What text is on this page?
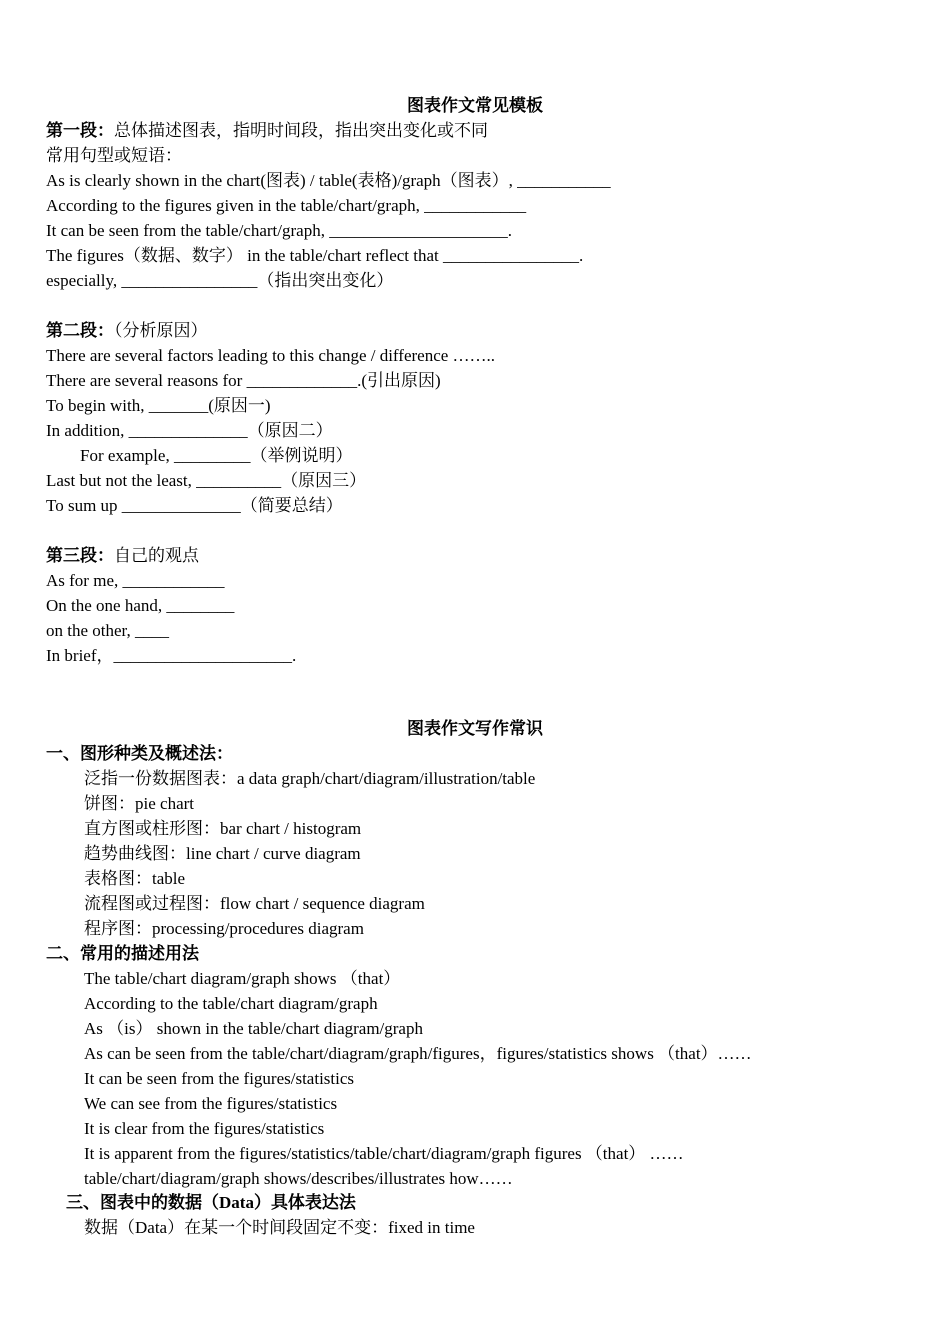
图表作文常见模板
第一段：总体描述图表，指明时间段，指出突出变化或不同
常用句型或短语：
As is clearly shown in the chart(图表) / table(表格)/graph（图表）, ___________
According to the figures given in the table/chart/graph, ____________
It can be seen from the table/chart/graph, _____________________.
The figures（数据、数字） in the table/chart reflect that ________________.
especially, ________________（指出突出变化）
第二段：（分析原因）
There are several factors leading to this change / difference ……..
There are several reasons for _____________.(引出原因)
To begin with, _______(原因一)
In addition, ______________（原因二）
For example, _________（举例说明）
Last but not the least, __________（原因三）
To sum up ______________（简要总结）
第三段：自己的观点
As for me, ____________
On the one hand, ________
on the other, ____
In brief，_____________________.
图表作文写作常识
一、图形种类及概述法：
泛指一份数据图表：a data graph/chart/diagram/illustration/table
饼图：pie chart
直方图或柱形图：bar chart / histogram
趋势曲线图：line chart / curve diagram
表格图：table
流程图或过程图：flow chart / sequence diagram
程序图：processing/procedures diagram
二、常用的描述用法
The table/chart diagram/graph shows （that）
According to the table/chart diagram/graph
As （is） shown in the table/chart diagram/graph
As can be seen from the table/chart/diagram/graph/figures，figures/statistics shows （that）……
It can be seen from the figures/statistics
We can see from the figures/statistics
It is clear from the figures/statistics
It is apparent from the figures/statistics/table/chart/diagram/graph figures （that） ……
table/chart/diagram/graph shows/describes/illustrates how……
三、图表中的数据（Data）具体表达法
数据（Data）在某一个时间段固定不变：fixed in time
